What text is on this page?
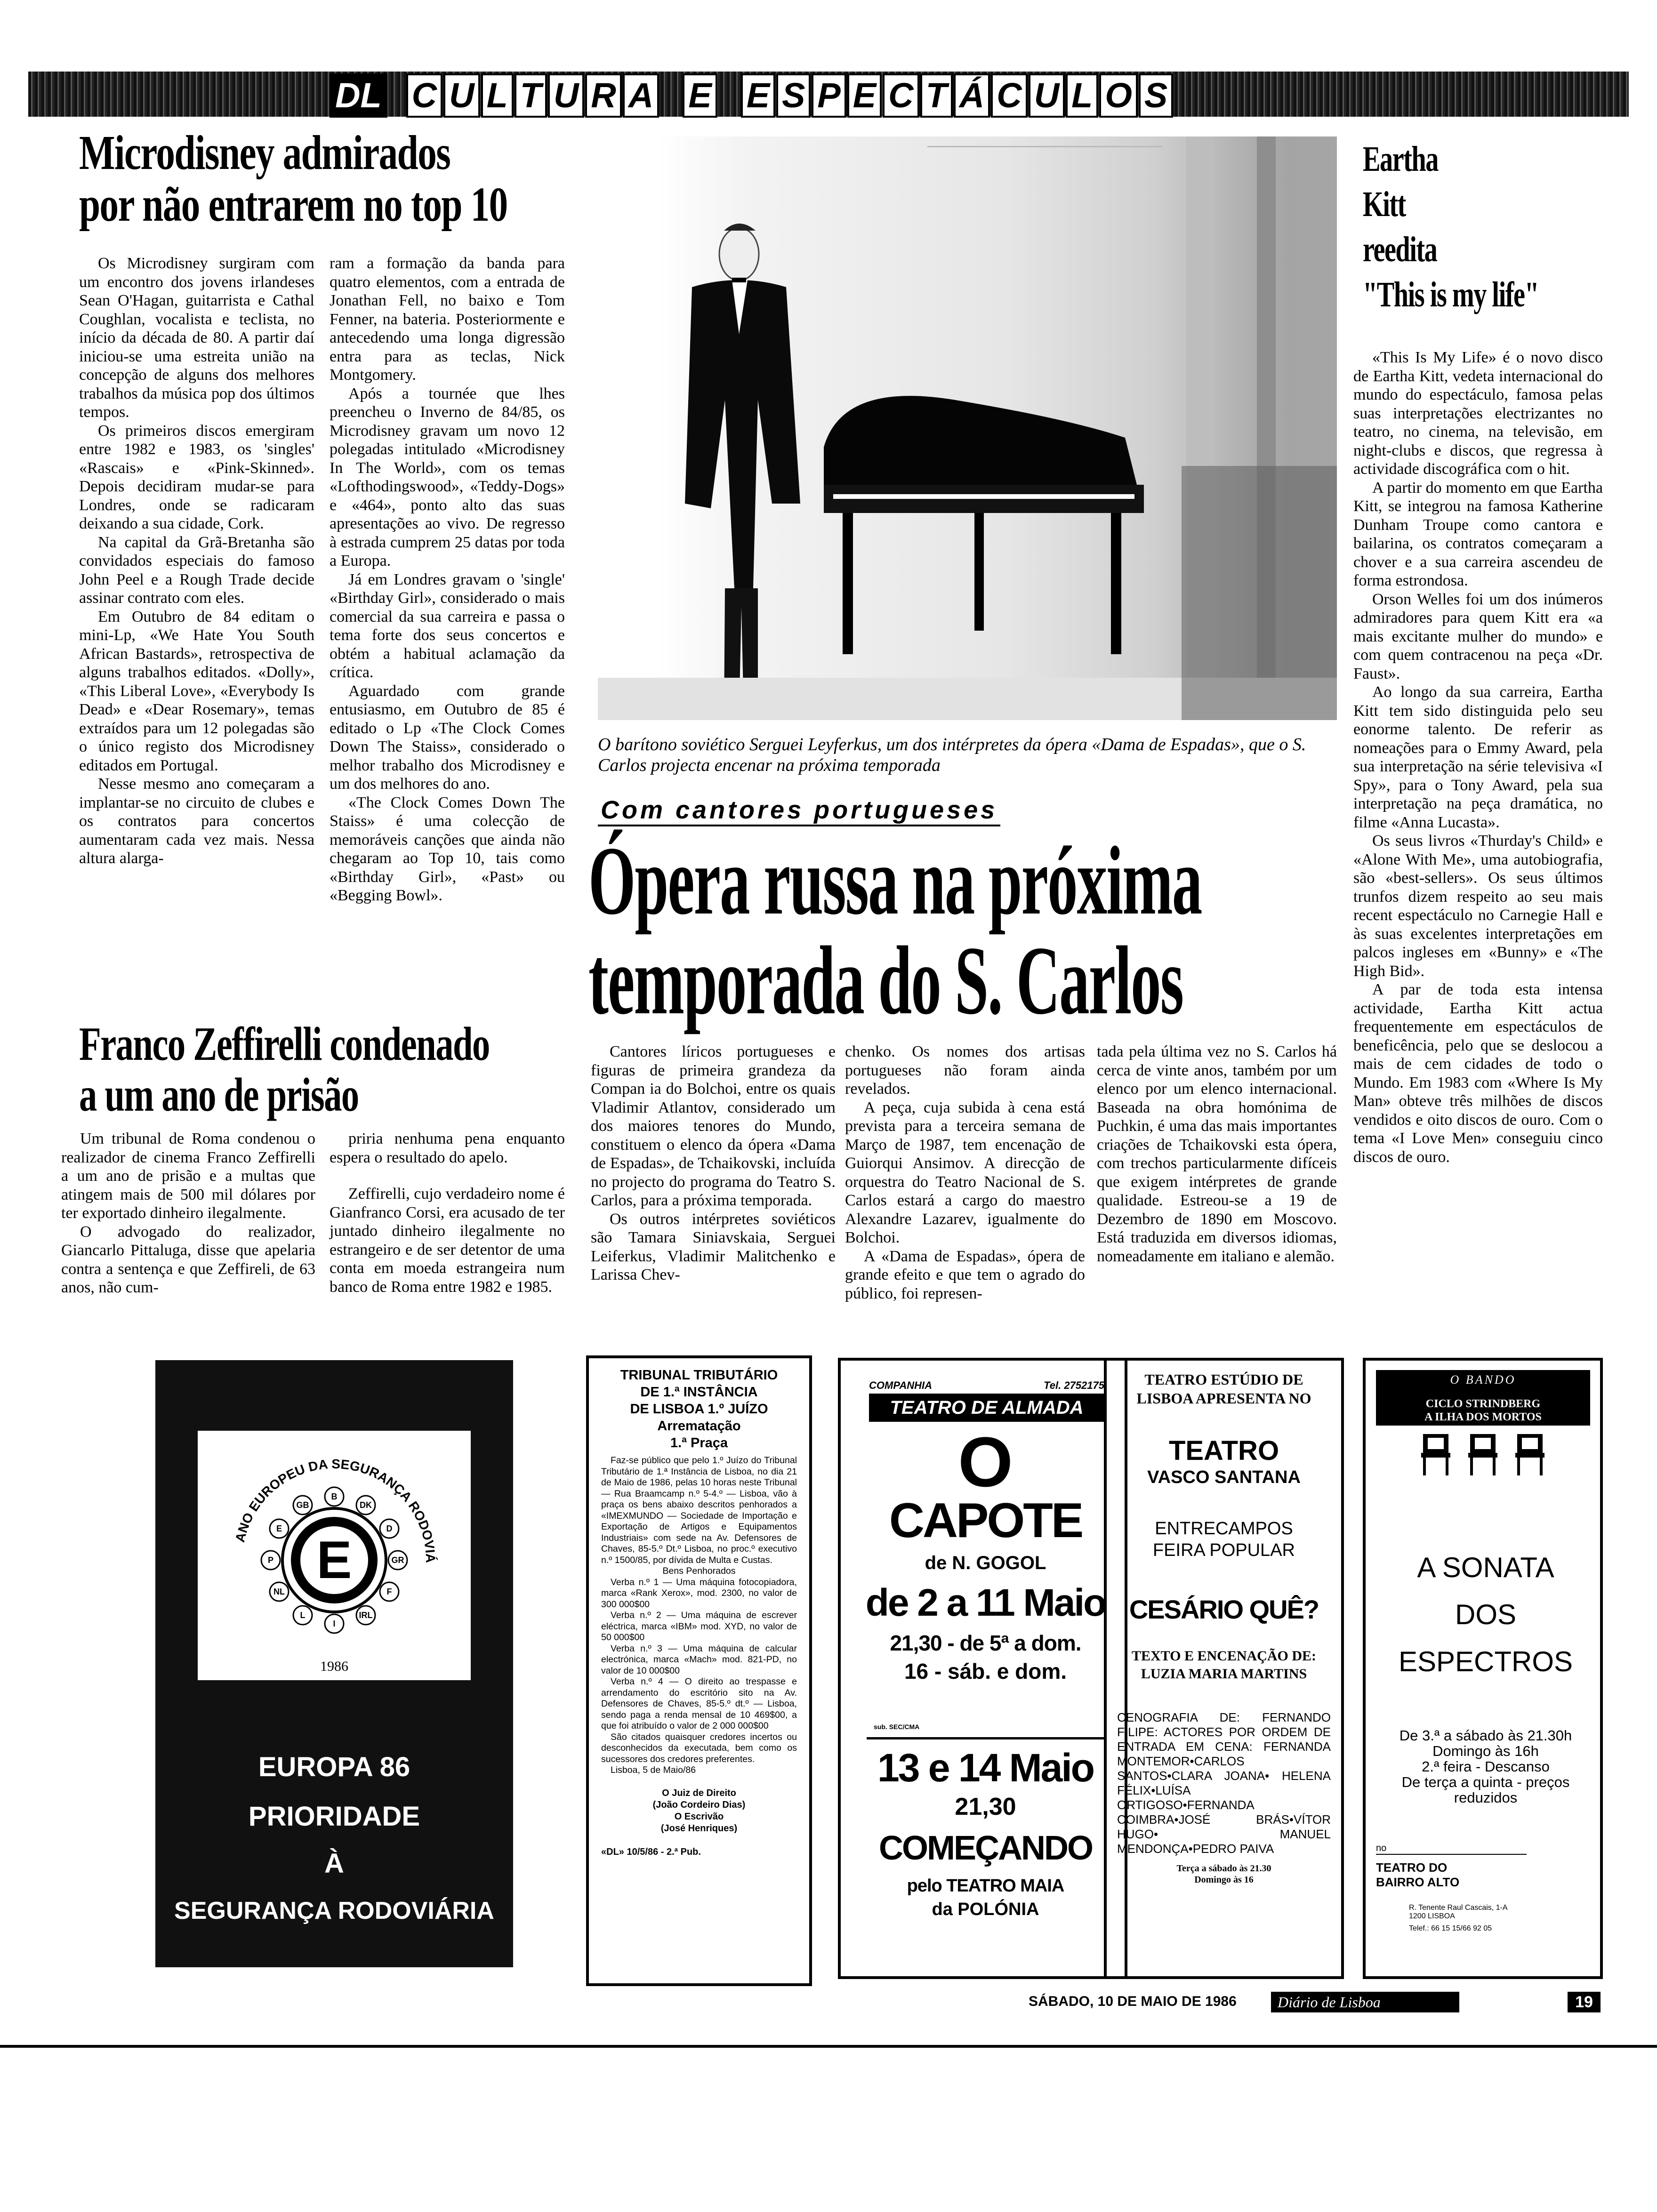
DL C U L T U R A E E S P E C T Á C U L O S
Microdisney admirados
por não entrarem no top 10

Os Microdisney surgiram com um encontro dos jovens irlandeses Sean O'Hagan, guitarrista e Cathal Coughlan, vocalista e teclista, no início da década de 80. A partir daí iniciou-se uma estreita união na concepção de alguns dos melhores trabalhos da música pop dos últimos tempos.

Os primeiros discos emergiram entre 1982 e 1983, os 'singles' «Rascais» e «Pink-Skinned». Depois decidiram mudar-se para Londres, onde se radicaram deixando a sua cidade, Cork.

Na capital da Grã-Bretanha são convidados especiais do famoso John Peel e a Rough Trade decide assinar contrato com eles.

Em Outubro de 84 editam o mini-Lp, «We Hate You South African Bastards», retrospectiva de alguns trabalhos editados. «Dolly», «This Liberal Love», «Everybody Is Dead» e «Dear Rosemary», temas extraídos para um 12 polegadas são o único registo dos Microdisney editados em Portugal.

Nesse mesmo ano começaram a implantar-se no circuito de clubes e os contratos para concertos aumentaram cada vez mais. Nessa altura alarga-

ram a formação da banda para quatro elementos, com a entrada de Jonathan Fell, no baixo e Tom Fenner, na bateria. Posteriormente e antecedendo uma longa digressão entra para as teclas, Nick Montgomery.

Após a tournée que lhes preencheu o Inverno de 84/85, os Microdisney gravam um novo 12 polegadas intitulado «Microdisney In The World», com os temas «Lofthodingswood», «Teddy-Dogs» e «464», ponto alto das suas apresentações ao vivo. De regresso à estrada cumprem 25 datas por toda a Europa.

Já em Londres gravam o 'single' «Birthday Girl», considerado o mais comercial da sua carreira e passa o tema forte dos seus concertos e obtém a habitual aclamação da crítica.

Aguardado com grande entusiasmo, em Outubro de 85 é editado o Lp «The Clock Comes Down The Staiss», considerado o melhor trabalho dos Microdisney e um dos melhores do ano.

«The Clock Comes Down The Staiss» é uma colecção de memoráveis canções que ainda não chegaram ao Top 10, tais como «Birthday Girl», «Past» ou «Begging Bowl».

Franco Zeffirelli condenado
a um ano de prisão

Um tribunal de Roma condenou o realizador de cinema Franco Zeffirelli a um ano de prisão e a multas que atingem mais de 500 mil dólares por ter exportado dinheiro ilegalmente.

O advogado do realizador, Giancarlo Pittaluga, disse que apelaria contra a sentença e que Zeffireli, de 63 anos, não cum-

priria nenhuma pena enquanto espera o resultado do apelo.

Zeffirelli, cujo verdadeiro nome é Gianfranco Corsi, era acusado de ter juntado dinheiro ilegalmente no estrangeiro e de ser detentor de uma conta em moeda estrangeira num banco de Roma entre 1982 e 1985.

O barítono soviético Serguei Leyferkus, um dos intérpretes da ópera «Dama de Espadas», que o S. Carlos projecta encenar na próxima temporada
Com cantores portugueses
Ópera russa na próxima
temporada do S. Carlos

Cantores líricos portugueses e figuras de primeira grandeza da Compan ia do Bolchoi, entre os quais Vladimir Atlantov, considerado um dos maiores tenores do Mundo, constituem o elenco da ópera «Dama de Espadas», de Tchaikovski, incluída no projecto do programa do Teatro S. Carlos, para a próxima temporada.

Os outros intérpretes soviéticos são Tamara Siniavskaia, Serguei Leiferkus, Vladimir Malitchenko e Larissa Chev-

chenko. Os nomes dos artisas portugueses não foram ainda revelados.

A peça, cuja subida à cena está prevista para a terceira semana de Março de 1987, tem encenação de Guiorqui Ansimov. A direcção de orquestra do Teatro Nacional de S. Carlos estará a cargo do maestro Alexandre Lazarev, igualmente do Bolchoi.

A «Dama de Espadas», ópera de grande efeito e que tem o agrado do público, foi represen-

tada pela última vez no S. Carlos há cerca de vinte anos, também por um elenco por um elenco internacional. Baseada na obra homónima de Puchkin, é uma das mais importantes criações de Tchaikovski esta ópera, com trechos particularmente difíceis que exigem intérpretes de grande qualidade. Estreou-se a 19 de Dezembro de 1890 em Moscovo. Está traduzida em diversos idiomas, nomeadamente em italiano e alemão.

Eartha
Kitt
reedita
"This is my life"

«This Is My Life» é o novo disco de Eartha Kitt, vedeta internacional do mundo do espectáculo, famosa pelas suas interpretações electrizantes no teatro, no cinema, na televisão, em night-clubs e discos, que regressa à actividade discográfica com o hit.

A partir do momento em que Eartha Kitt, se integrou na famosa Katherine Dunham Troupe como cantora e bailarina, os contratos começaram a chover e a sua carreira ascendeu de forma estrondosa.

Orson Welles foi um dos inúmeros admiradores para quem Kitt era «a mais excitante mulher do mundo» e com quem contracenou na peça «Dr. Faust».

Ao longo da sua carreira, Eartha Kitt tem sido distinguida pelo seu eonorme talento. De referir as nomeações para o Emmy Award, pela sua interpretação na série televisiva «I Spy», para o Tony Award, pela sua interpretação na peça dramática, no filme «Anna Lucasta».

Os seus livros «Thurday's Child» e «Alone With Me», uma autobiografia, são «best-sellers». Os seus últimos trunfos dizem respeito ao seu mais recent espectáculo no Carnegie Hall e às suas excelentes interpretações em palcos ingleses em «Bunny» e «The High Bid».

A par de toda esta intensa actividade, Eartha Kitt actua frequentemente em espectáculos de beneficência, pelo que se deslocou a mais de cem cidades de todo o Mundo. Em 1983 com «Where Is My Man» obteve três milhões de discos vendidos e oito discos de ouro. Com o tema «I Love Men» conseguiu cinco discos de ouro.

ANO EUROPEU DA SEGURANÇA RODOVIÁ
E
B
DK
D
GR
F
IRL
I
L
NL
P
E
GB
1986
EUROPA 86
PRIORIDADE
À
SEGURANÇA RODOVIÁRIA
TRIBUNAL TRIBUTÁRIO
DE 1.ª INSTÂNCIA
DE LISBOA 1.º JUÍZO
Arrematação
1.ª Praça
Faz-se público que pelo 1.º Juízo do Tribunal Tributário de 1.ª Instância de Lisboa, no dia 21 de Maio de 1986, pelas 10 horas neste Tribunal — Rua Braamcamp n.º 5-4.º — Lisboa, vão à praça os bens abaixo descritos penhorados a «IMEXMUNDO — Sociedade de Importação e Exportação de Artigos e Equipamentos Industriais» com sede na Av. Defensores de Chaves, 85-5.º Dt.º Lisboa, no proc.º executivo n.º 1500/85, por dívida de Multa e Custas.
Bens Penhorados
Verba n.º 1 — Uma máquina fotocopiadora, marca «Rank Xerox», mod. 2300, no valor de 300 000$00
Verba n.º 2 — Uma máquina de escrever eléctrica, marca «IBM» mod. XYD, no valor de 50 000$00
Verba n.º 3 — Uma máquina de calcular electrónica, marca «Mach» mod. 821-PD, no valor de 10 000$00
Verba n.º 4 — O direito ao trespasse e arrendamento do escritório sito na Av. Defensores de Chaves, 85-5.º dt.º — Lisboa, sendo paga a renda mensal de 10 469$00, a que foi atribuído o valor de 2 000 000$00
São citados quaisquer credores incertos ou desconhecidos da executada, bem como os sucessores dos credores preferentes.
Lisboa, 5 de Maio/86
O Juiz de Direito
(João Cordeiro Dias)
O Escrivão
(José Henriques)
«DL» 10/5/86 - 2.ª Pub.
COMPANHIA	Tel. 2752175
TEATRO DE ALMADA
O
CAPOTE
de N. GOGOL
de 2 a 11 Maio
21,30 - de 5ª a dom.
16 - sáb. e dom.
sub. SEC/CMA
13 e 14 Maio
21,30
COMEÇANDO
pelo TEATRO MAIA
da POLÓNIA
TEATRO ESTÚDIO DE
LISBOA APRESENTA NO
TEATRO
VASCO SANTANA
ENTRECAMPOS
FEIRA POPULAR
CESÁRIO QUÊ?
TEXTO E ENCENAÇÃO DE:
LUZIA MARIA MARTINS
CENOGRAFIA DE: FERNANDO FILIPE: ACTORES POR ORDEM DE ENTRADA EM CENA: FERNANDA MONTEMOR•CARLOS SANTOS•CLARA JOANA• HELENA FÉLIX•LUÍSA ORTIGOSO•FERNANDA COIMBRA•JOSÉ BRÁS•VÍTOR HUGO• MANUEL MENDONÇA•PEDRO PAIVA
Terça a sábado às 21.30
Domingo às 16
O BANDO
CICLO STRINDBERG
A ILHA DOS MORTOS
A SONATA
DOS
ESPECTROS
De 3.ª a sábado às 21.30h
Domingo às 16h
2.ª feira - Descanso
De terça a quinta - preços reduzidos
no
TEATRO DO
BAIRRO ALTO
R. Tenente Raul Cascais, 1-A
1200 LISBOA
Telef.: 66 15 15/66 92 05
SÁBADO, 10 DE MAIO DE 1986	Diário de Lisboa	19
